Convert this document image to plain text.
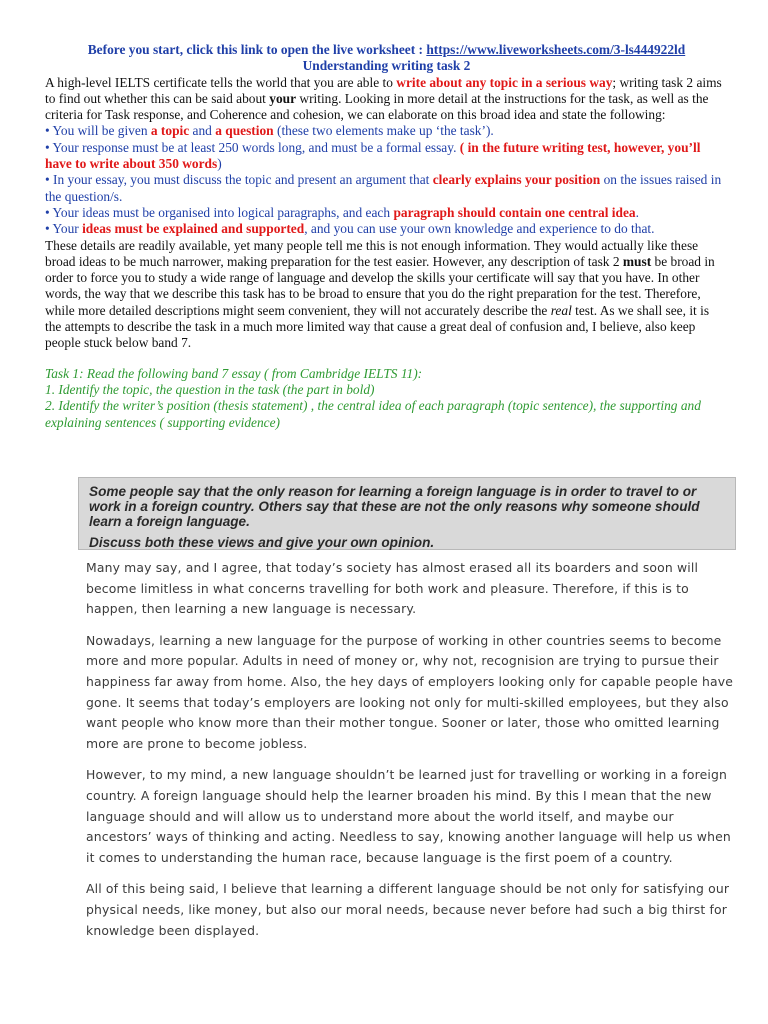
Before you start, click this link to open the live worksheet : https://www.liveworksheets.com/3-ls444922ld
Understanding writing task 2

A high-level IELTS certificate tells the world that you are able to write about any topic in a serious way; writing task 2 aims to find out whether this can be said about your writing. Looking in more detail at the instructions for the task, as well as the criteria for Task response, and Coherence and cohesion, we can elaborate on this broad idea and state the following:

• You will be given a topic and a question (these two elements make up ‘the task’).

• Your response must be at least 250 words long, and must be a formal essay. ( in the future writing test, however, you’ll have to write about 350 words)

• In your essay, you must discuss the topic and present an argument that clearly explains your position on the issues raised in the question/s.

• Your ideas must be organised into logical paragraphs, and each paragraph should contain one central idea.

• Your ideas must be explained and supported, and you can use your own knowledge and experience to do that.

These details are readily available, yet many people tell me this is not enough information. They would actually like these broad ideas to be much narrower, making preparation for the test easier. However, any description of task 2 must be broad in order to force you to study a wide range of language and develop the skills your certificate will say that you have. In other words, the way that we describe this task has to be broad to ensure that you do the right preparation for the test. Therefore, while more detailed descriptions might seem convenient, they will not accurately describe the real test. As we shall see, it is the attempts to describe the task in a much more limited way that cause a great deal of confusion and, I believe, also keep people stuck below band 7.

Task 1: Read the following band 7 essay ( from Cambridge IELTS 11):
1. Identify the topic, the question in the task (the part in bold)
2. Identify the writer’s position (thesis statement) , the central idea of each paragraph (topic sentence), the supporting and explaining sentences ( supporting evidence)
Some people say that the only reason for learning a foreign language is in order to travel to or work in a foreign country. Others say that these are not the only reasons why someone should learn a foreign language.
Discuss both these views and give your own opinion.

Many may say, and I agree, that today’s society has almost erased all its boarders and soon will become limitless in what concerns travelling for both work and pleasure. Therefore, if this is to happen, then learning a new language is necessary.

Nowadays, learning a new language for the purpose of working in other countries seems to become more and more popular. Adults in need of money or, why not, recognision are trying to pursue their happiness far away from home. Also, the hey days of employers looking only for capable people have gone. It seems that today’s employers are looking not only for multi-skilled employees, but they also want people who know more than their mother tongue. Sooner or later, those who omitted learning more are prone to become jobless.

However, to my mind, a new language shouldn’t be learned just for travelling or working in a foreign country. A foreign language should help the learner broaden his mind. By this I mean that the new language should and will allow us to understand more about the world itself, and maybe our ancestors’ ways of thinking and acting. Needless to say, knowing another language will help us when it comes to understanding the human race, because language is the first poem of a country.

All of this being said, I believe that learning a different language should be not only for satisfying our physical needs, like money, but also our moral needs, because never before had such a big thirst for knowledge been displayed.
